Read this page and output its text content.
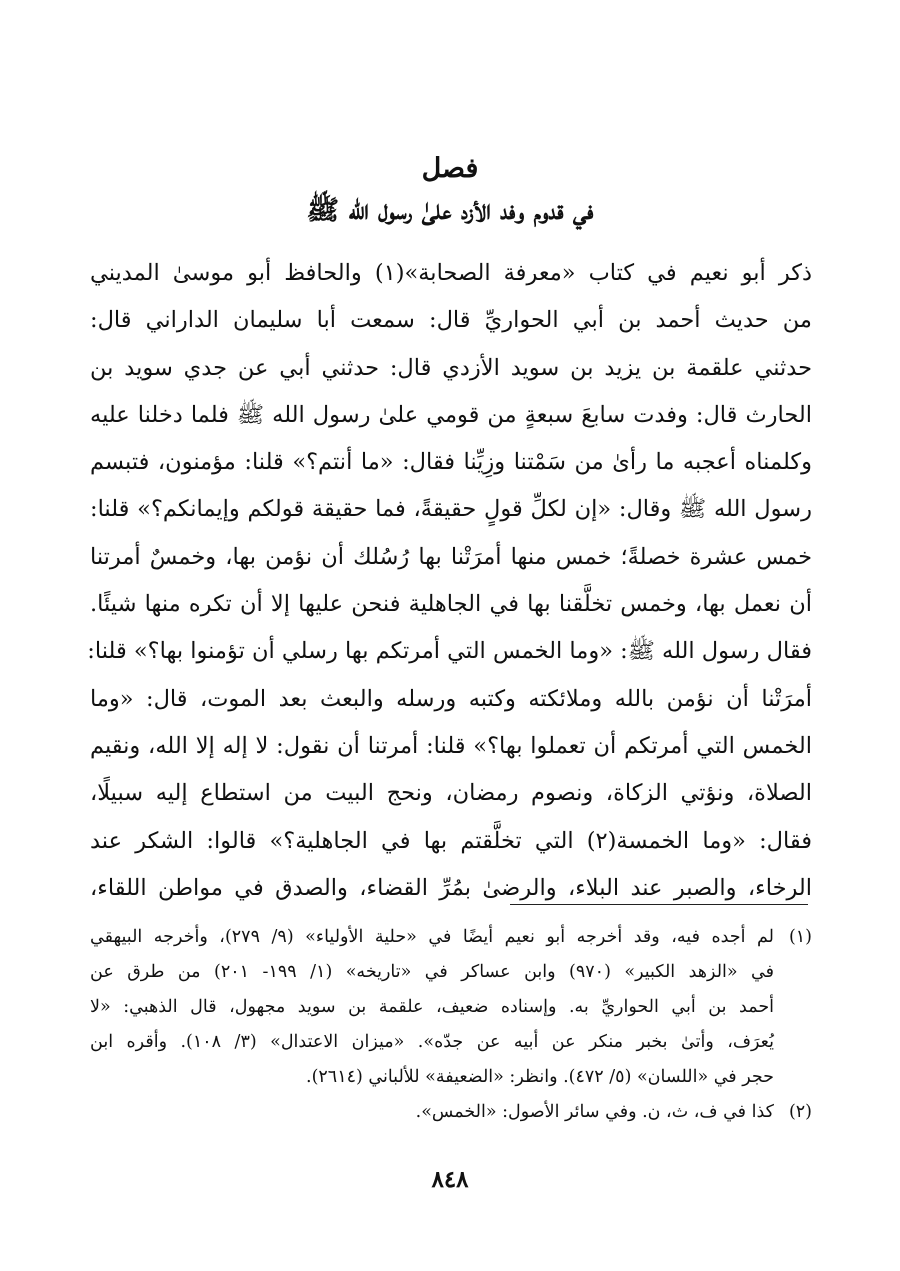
فصل
في قدوم وفد الأزد علىٰ رسول الله ﷺ
ذكر أبو نعيم في كتاب «معرفة الصحابة»(١) والحافظ أبو موسىٰ المديني
من حديث أحمد بن أبي الحواريِّ قال: سمعت أبا سليمان الداراني قال:
حدثني علقمة بن يزيد بن سويد الأزدي قال: حدثني أبي عن جدي سويد بن
الحارث قال: وفدت سابعَ سبعةٍ من قومي علىٰ رسول الله ﷺ فلما دخلنا عليه
وكلمناه أعجبه ما رأىٰ من سَمْتنا وزِيِّنا فقال: «ما أنتم؟» قلنا: مؤمنون، فتبسم
رسول الله ﷺ وقال: «إن لكلِّ قولٍ حقيقةً، فما حقيقة قولكم وإيمانكم؟» قلنا:
خمس عشرة خصلةً؛ خمس منها أمرَتْنا بها رُسُلك أن نؤمن بها، وخمسٌ أمرتنا
أن نعمل بها، وخمس تخلَّقنا بها في الجاهلية فنحن عليها إلا أن تكره منها شيئًا.
فقال رسول الله ﷺ: «وما الخمس التي أمرتكم بها رسلي أن تؤمنوا بها؟» قلنا:
أمرَتْنا أن نؤمن بالله وملائكته وكتبه ورسله والبعث بعد الموت، قال: «وما
الخمس التي أمرتكم أن تعملوا بها؟» قلنا: أمرتنا أن نقول: لا إله إلا الله، ونقيم
الصلاة، ونؤتي الزكاة، ونصوم رمضان، ونحج البيت من استطاع إليه سبيلًا،
فقال: «وما الخمسة(٢) التي تخلَّقتم بها في الجاهلية؟» قالوا: الشكر عند
الرخاء، والصبر عند البلاء، والرضىٰ بمُرِّ القضاء، والصدق في مواطن اللقاء،
(١)
لم أجده فيه، وقد أخرجه أبو نعيم أيضًا في «حلية الأولياء» (٩/ ٢٧٩)، وأخرجه البيهقي
في «الزهد الكبير» (٩٧٠) وابن عساكر في «تاريخه» (١/ ١٩٩- ٢٠١) من طرق عن
أحمد بن أبي الحواريِّ به. وإسناده ضعيف، علقمة بن سويد مجهول، قال الذهبي: «لا
يُعرَف، وأتىٰ بخبر منكر عن أبيه عن جدّه». «ميزان الاعتدال» (٣/ ١٠٨). وأقره ابن
حجر في «اللسان» (٥/ ٤٧٢). وانظر: «الضعيفة» للألباني (٢٦١٤).
(٢)
كذا في ف، ث، ن. وفي سائر الأصول: «الخمس».
٨٤٨
